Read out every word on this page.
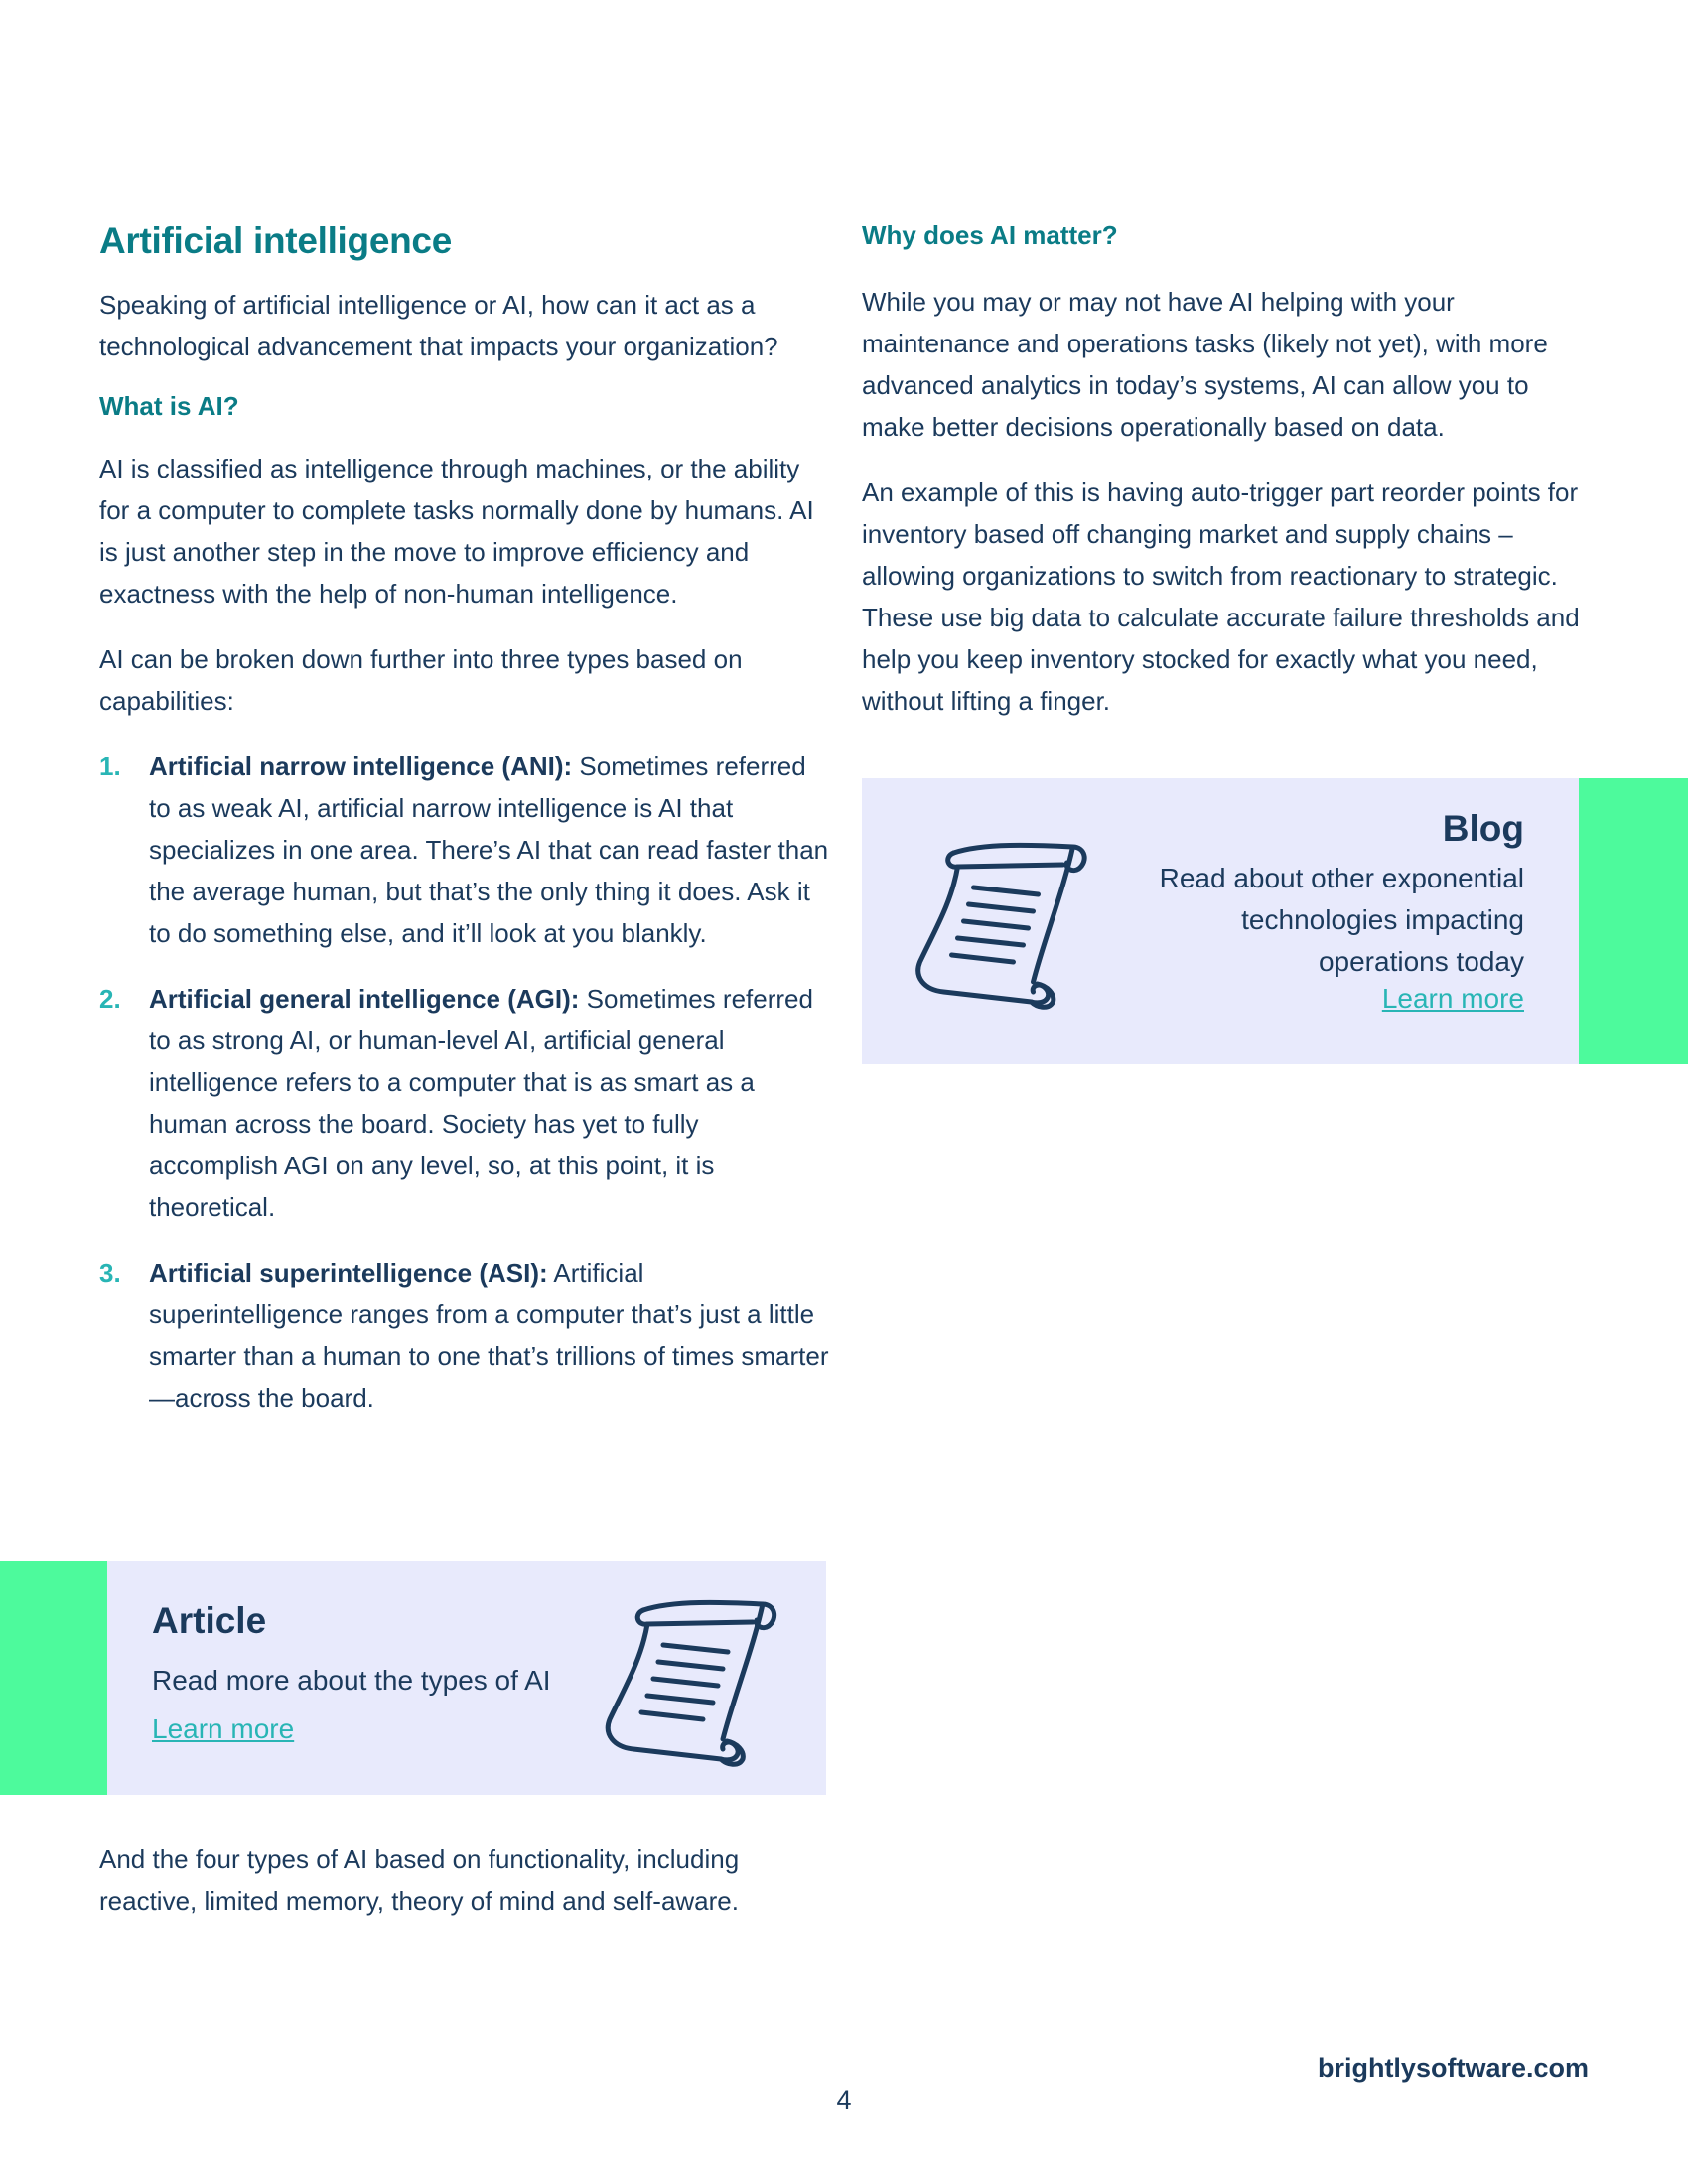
Artificial intelligence

Speaking of artificial intelligence or AI, how can it act as a technological advancement that impacts your organization?

What is AI?

AI is classified as intelligence through machines, or the ability for a computer to complete tasks normally done by humans. AI is just another step in the move to improve efficiency and exactness with the help of non-human intelligence.

AI can be broken down further into three types based on capabilities:

1. Artificial narrow intelligence (ANI): Sometimes referred to as weak AI, artificial narrow intelligence is AI that specializes in one area. There’s AI that can read faster than the average human, but that’s the only thing it does. Ask it to do something else, and it’ll look at you blankly.
2. Artificial general intelligence (AGI): Sometimes referred to as strong AI, or human-level AI, artificial general intelligence refers to a computer that is as smart as a human across the board. Society has yet to fully accomplish AGI on any level, so, at this point, it is theoretical.
3. Artificial superintelligence (ASI): Artificial superintelligence ranges from a computer that’s just a little smarter than a human to one that’s trillions of times smarter—across the board.

Article

Read more about the types of AI

Learn more

And the four types of AI based on functionality, including reactive, limited memory, theory of mind and self-aware.

Why does AI matter?

While you may or may not have AI helping with your maintenance and operations tasks (likely not yet), with more advanced analytics in today’s systems, AI can allow you to make better decisions operationally based on data.

An example of this is having auto-trigger part reorder points for inventory based off changing market and supply chains – allowing organizations to switch from reactionary to strategic. These use big data to calculate accurate failure thresholds and help you keep inventory stocked for exactly what you need, without lifting a finger.

Blog

Read about other exponential

technologies impacting

operations today

Learn more
brightlysoftware.com
4
